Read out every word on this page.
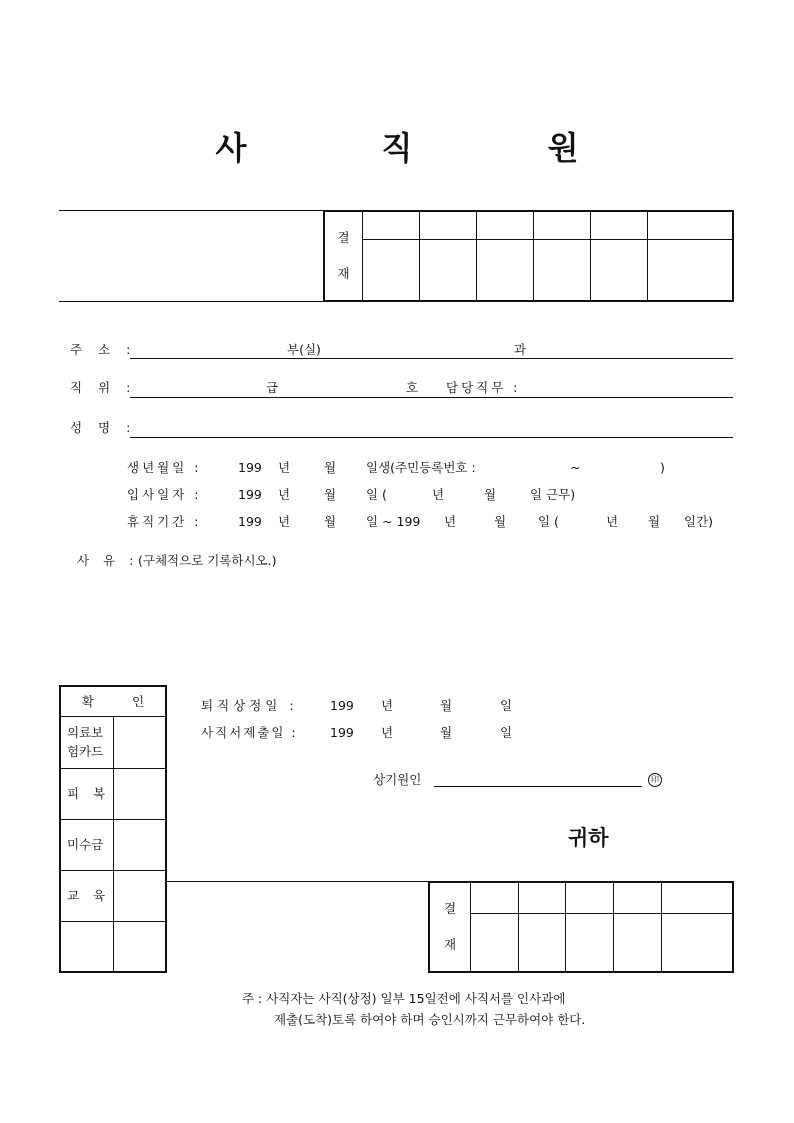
사 직 원
결
재						

주 소 :	부(실)	과
직 위 :	급	호 담당직무 :
성 명 :
생년월일 :	199 년	월 일생(주민등록번호 :	~	)
입사일자 :	199 년	월 일 (	년	월	일 근무)
휴직기간 :	199 년	월 일 ~ 199 년	월	일 (	년 월 일간)
사 유 : (구체적으로 기록하시오.)
확 인	
의료보
험카드	
피 복	
미수금	
교 육	

퇴직상정일 :	199 년	월	일
사직서제출일 :	199 년	월	일
상기원인	印
귀하
결
재					

주 : 사직자는 사직(상정) 일부 15일전에 사직서를 인사과에
제출(도착)토록 하여야 하며 승인시까지 근무하여야 한다.
